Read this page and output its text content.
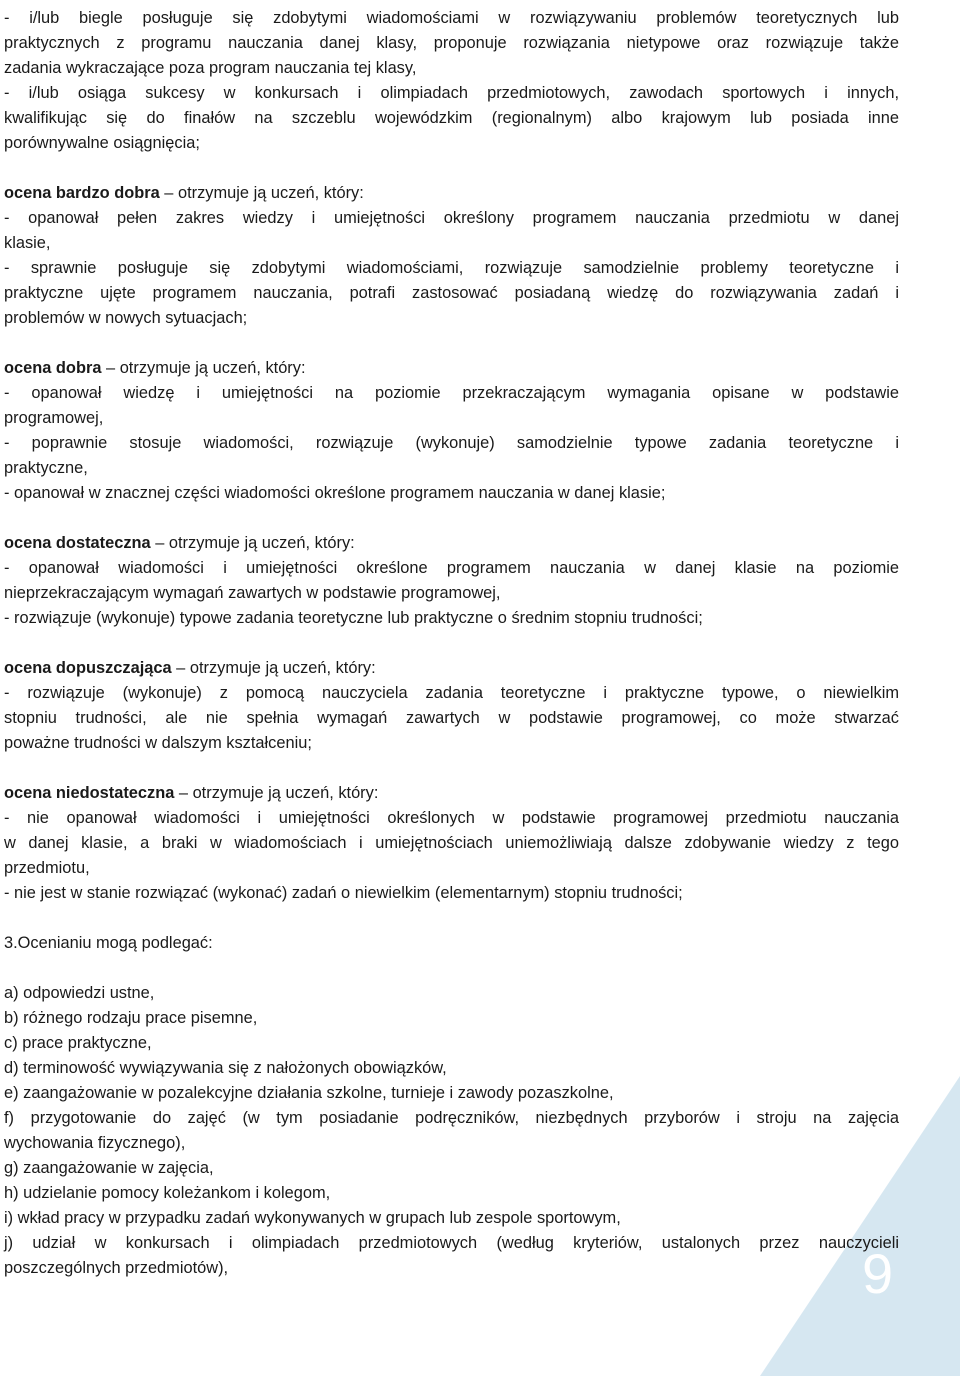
9
- i/lub biegle posługuje się zdobytymi wiadomościami w rozwiązywaniu problemów teoretycznych lub
praktycznych z programu nauczania danej klasy, proponuje rozwiązania nietypowe oraz rozwiązuje także
zadania wykraczające poza program nauczania tej klasy,
- i/lub osiąga sukcesy w konkursach i olimpiadach przedmiotowych, zawodach sportowych i innych,
kwalifikując się do finałów na szczeblu wojewódzkim (regionalnym) albo krajowym lub posiada inne
porównywalne osiągnięcia;
ocena bardzo dobra – otrzymuje ją uczeń, który:
- opanował pełen zakres wiedzy i umiejętności określony programem nauczania przedmiotu w danej
klasie,
- sprawnie posługuje się zdobytymi wiadomościami, rozwiązuje samodzielnie problemy teoretyczne i
praktyczne ujęte programem nauczania, potrafi zastosować posiadaną wiedzę do rozwiązywania zadań i
problemów w nowych sytuacjach;
ocena dobra – otrzymuje ją uczeń, który:
- opanował wiedzę i umiejętności na poziomie przekraczającym wymagania opisane w podstawie
programowej,
- poprawnie stosuje wiadomości, rozwiązuje (wykonuje) samodzielnie typowe zadania teoretyczne i
praktyczne,
- opanował w znacznej części wiadomości określone programem nauczania w danej klasie;
ocena dostateczna – otrzymuje ją uczeń, który:
- opanował wiadomości i umiejętności określone programem nauczania w danej klasie na poziomie
nieprzekraczającym wymagań zawartych w podstawie programowej,
- rozwiązuje (wykonuje) typowe zadania teoretyczne lub praktyczne o średnim stopniu trudności;
ocena dopuszczająca – otrzymuje ją uczeń, który:
- rozwiązuje (wykonuje) z pomocą nauczyciela zadania teoretyczne i praktyczne typowe, o niewielkim
stopniu trudności, ale nie spełnia wymagań zawartych w podstawie programowej, co może stwarzać
poważne trudności w dalszym kształceniu;
ocena niedostateczna – otrzymuje ją uczeń, który:
- nie opanował wiadomości i umiejętności określonych w podstawie programowej przedmiotu nauczania
w danej klasie, a braki w wiadomościach i umiejętnościach uniemożliwiają dalsze zdobywanie wiedzy z tego
przedmiotu,
- nie jest w stanie rozwiązać (wykonać) zadań o niewielkim (elementarnym) stopniu trudności;
3.Ocenianiu mogą podlegać:
a) odpowiedzi ustne,
b) różnego rodzaju prace pisemne,
c) prace praktyczne,
d) terminowość wywiązywania się z nałożonych obowiązków,
e) zaangażowanie w pozalekcyjne działania szkolne, turnieje i zawody pozaszkolne,
f) przygotowanie do zajęć (w tym posiadanie podręczników, niezbędnych przyborów i stroju na zajęcia
wychowania fizycznego),
g) zaangażowanie w zajęcia,
h) udzielanie pomocy koleżankom i kolegom,
i) wkład pracy w przypadku zadań wykonywanych w grupach lub zespole sportowym,
j) udział w konkursach i olimpiadach przedmiotowych (według kryteriów, ustalonych przez nauczycieli
poszczególnych przedmiotów),
